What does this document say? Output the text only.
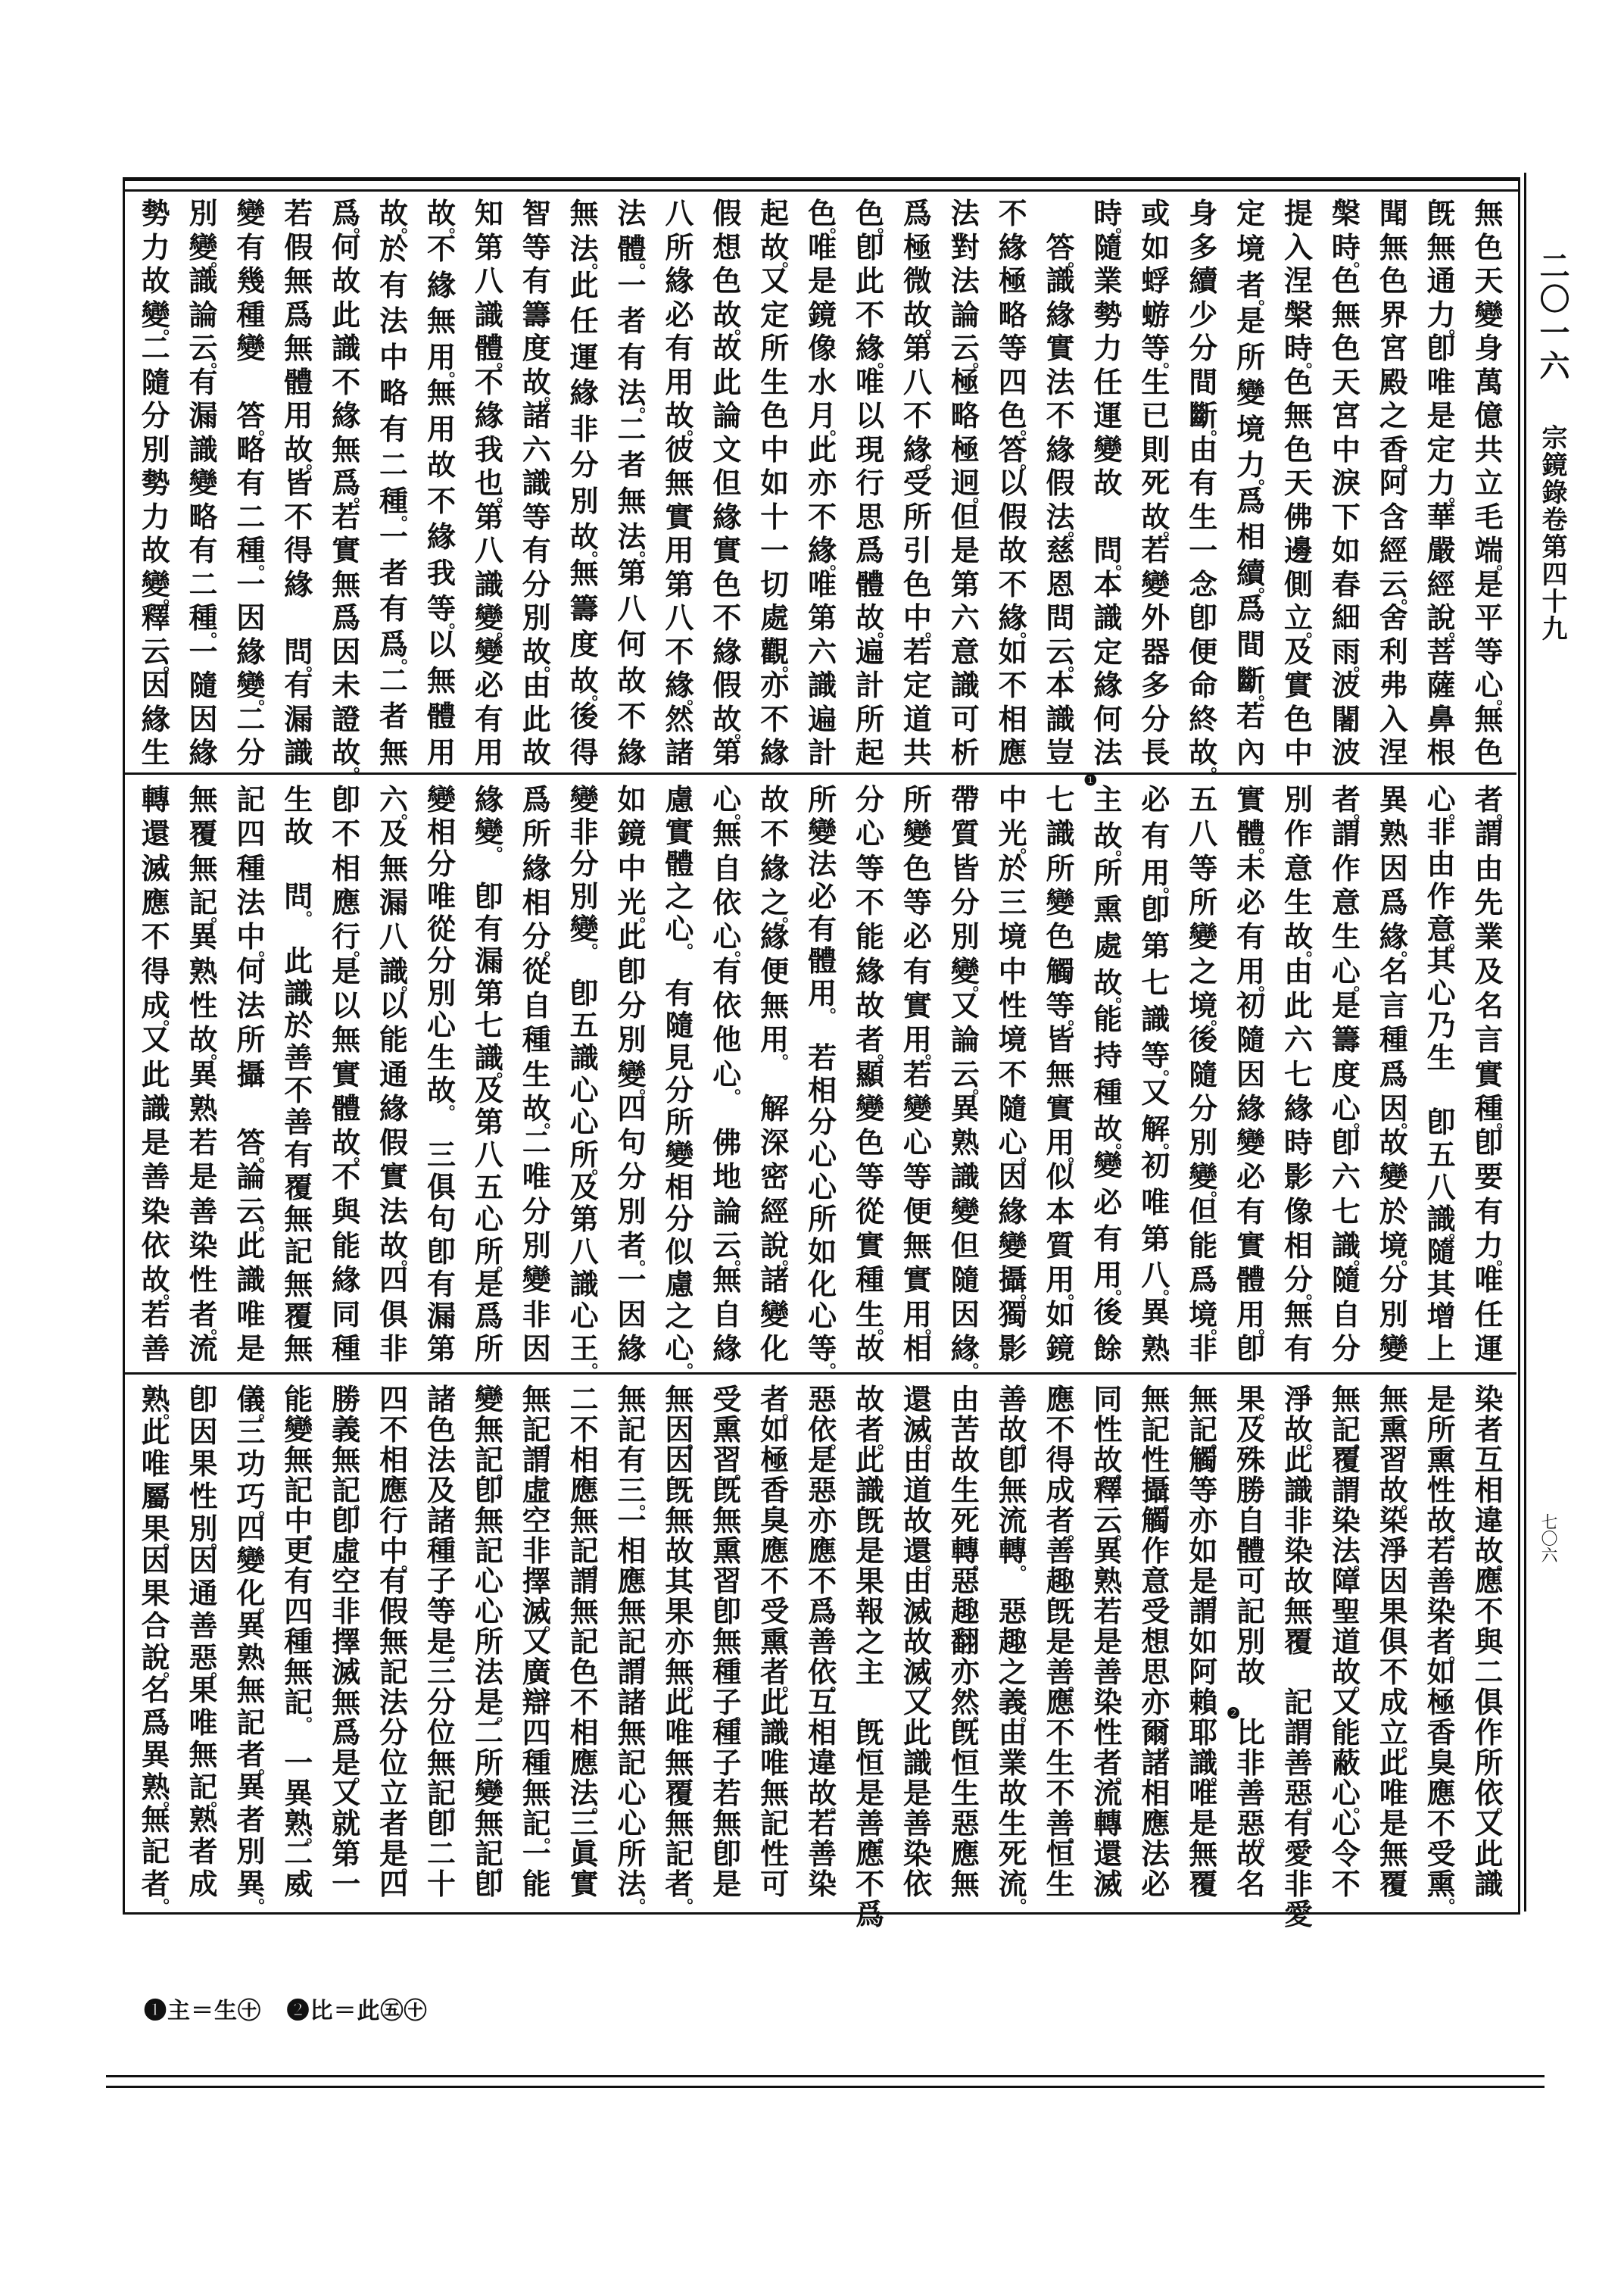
二〇一六
宗鏡錄卷第四十九
無
色
天
變
身
萬
億
共
立
毛
端
。
是
平
等
心
。
無
色
旣
無
通
力
。
卽
唯
是
定
力
。
華
嚴
經
說
。
菩
薩
鼻
根
聞
無
色
界
宮
殿
之
香
。
阿
含
經
云
。
舍
利
弗
入
涅
槃
時
。
色
無
色
天
宮
中
淚
下
如
春
細
雨
。
波
闍
波
提
入
涅
槃
時
。
色
無
色
天
佛
邊
側
立
。
及
實
色
中
定
境
者
。
是
所
變
境
力
。
爲
相
續
。
爲
間
斷
。
若
內
身
多
續
少
分
間
斷
。
由
有
生
一
念
卽
便
命
終
故
。
或
如
蜉
蝣
等
。
生
已
則
死
故
。
若
變
外
器
多
分
長
時
。
隨
業
勢
力
任
運
變
故

問
。
本
識
定
緣
何
法

答
。
識
緣
實
法
不
緣
假
法
。
慈
恩
問
云
。
本
識
豈
不
緣
極
略
等
四
色
。
答
。
以
假
故
不
緣
。
如
不
相
應
法
對
法
論
云
。
極
略
極
迥
。
但
是
第
六
意
識
可
析
爲
極
微
故
。
第
八
不
緣
。
受
所
引
色
中
。
若
定
道
共
色
。
卽
此
不
緣
。
唯
以
現
行
思
爲
體
故
。
遍
計
所
起
色
。
唯
是
鏡
像
水
月
。
此
亦
不
緣
。
唯
第
六
識
遍
計
起
故
。
又
定
所
生
色
中
如
十
一
切
處
觀
。
亦
不
緣
假
想
色
故
。
故
此
論
文
但
緣
實
色
不
緣
假
故
。
第
八
所
緣
必
有
用
故
。
彼
無
實
用
第
八
不
緣
。
然
諸
法
體
。
一
者
有
法
。
二
者
無
法
。
第
八
何
故
不
緣
無
法
。
此
任
運
緣
非
分
別
故
。
無
籌
度
故
。
後
得
智
等
有
籌
度
故
。
諸
六
識
等
有
分
別
故
。
由
此
故
知
第
八
識
體
。
不
緣
我
也
。
第
八
識
變
。
變
必
有
用
故
。
不
緣
無
用
。
無
用
故
不
緣
我
等
。
以
無
體
用
故
。
於
有
法
中
略
有
二
種
。
一
者
有
爲
。
二
者
無
爲
。
何
故
此
識
不
緣
無
爲
。
若
實
無
爲
因
未
證
故
。
若
假
無
爲
無
體
用
故
。
皆
不
得
緣

問
。
有
漏
識
變
有
幾
種
變

答
。
略
有
二
種
。
一
因
緣
變
。
二
分
別
變
。
識
論
云
。
有
漏
識
變
略
有
二
種
。
一
隨
因
緣
勢
力
故
變
。
二
隨
分
別
勢
力
故
變
。
釋
云
。
因
緣
生
者
。
謂
由
先
業
及
名
言
實
種
。
卽
要
有
力
。
唯
任
運
心
。
非
由
作
意
。
其
心
乃
生

卽
五
八
識
。
隨
其
增
上
異
熟
因
爲
緣
。
名
言
種
爲
因
。
故
變
於
境
。
分
別
變
者
。
謂
作
意
生
心
。
是
籌
度
心
。
卽
六
七
識
。
隨
自
分
別
作
意
生
故
。
由
此
六
七
緣
時
影
像
相
分
。
無
有
實
體
。
未
必
有
用
。
初
隨
因
緣
變
必
有
實
體
用
。
卽
五
八
等
所
變
之
境
。
後
隨
分
別
變
。
但
能
爲
境
。
非
必
有
用
。
卽
第
七
識
等
。
又
解
。
初
唯
第
八
。
異
熟
❶
主
故
。
所
熏
處
故
。
能
持
種
故
。
變
必
有
用
。
後
餘
七
識
所
變
色
觸
等
。
皆
無
實
用
。
似
本
質
用
。
如
鏡
中
光
。
於
三
境
中
性
境
不
隨
心
。
因
緣
變
攝
。
獨
影
帶
質
皆
分
別
變
。
又
論
云
。
異
熟
識
變
但
隨
因
緣
。
所
變
色
等
必
有
實
用
。
若
變
心
等
便
無
實
用
。
相
分
心
等
不
能
緣
故
者
。
顯
變
色
等
從
實
種
生
。
故
所
變
法
必
有
體
用
。

若
相
分
心
心
所
如
化
心
等
。
故
不
緣
之
。
緣
便
無
用
。

解
深
密
經
說
。
諸
變
化
心
。
無
自
依
心
。
有
依
他
心
。

佛
地
論
云
。
無
自
緣
慮
實
體
之
心
。

有
隨
見
分
所
變
相
分
似
慮
之
心
。
如
鏡
中
光
。
此
卽
分
別
變
。
四
句
分
別
者
。
一
因
緣
變
非
分
別
變
。

卽
五
識
心
心
所
。
及
第
八
識
心
王
。
爲
所
緣
相
分
。
從
自
種
生
故
。
二
唯
分
別
變
非
因
緣
變
。

卽
有
漏
第
七
識
。
及
第
八
五
心
所
。
是
爲
所
變
相
分
唯
從
分
別
心
生
故
。

三
俱
句
卽
有
漏
第
六
。
及
無
漏
八
識
。
以
能
通
緣
假
實
法
故
。
四
俱
非
卽
不
相
應
行
。
是
以
無
實
體
故
。
不
與
能
緣
同
種
生
故

問
。

此
識
於
善
不
善
有
覆
無
記
無
覆
無
記
四
種
法
中
。
何
法
所
攝

答
。
論
云
。
此
識
唯
是
無
覆
無
記
。
異
熟
性
故
。
異
熟
若
是
善
染
性
者
。
流
轉
還
滅
應
不
得
成
。
又
此
識
是
善
染
依
故
。
若
善
染
者
互
相
違
故
。
應
不
與
二
俱
作
所
依
。
又
此
識
是
所
熏
性
故
。
若
善
染
者
。
如
極
香
臭
應
不
受
熏
。
無
熏
習
故
。
染
淨
因
果
俱
不
成
立
。
此
唯
是
無
覆
無
記
。
覆
謂
染
法
。
障
聖
道
故
。
又
能
蔽
心
。
心
令
不
淨
故
。
此
識
非
染
故
無
覆

記
謂
善
惡
。
有
愛
非
愛
果
。
及
殊
勝
自
體
可
記
別
故

❷
比
非
善
惡
。
故
名
無
記
。
觸
等
亦
如
是
。
謂
如
阿
賴
耶
識
。
唯
是
無
覆
無
記
性
攝
。
觸
作
意
受
想
思
亦
爾
。
諸
相
應
法
必
同
性
故
。
釋
云
。
異
熟
若
是
善
染
性
者
。
流
轉
還
滅
應
不
得
成
者
。
善
趣
旣
是
善
。
應
不
生
不
善
。
恒
生
善
故
。
卽
無
流
轉
。

惡
趣
之
義
。
由
業
故
生
死
流
。
由
苦
故
生
死
轉
。
惡
趣
翻
亦
然
。
旣
恒
生
惡
應
無
還
滅
。
由
道
故
還
。
由
滅
故
滅
。
又
此
識
是
善
染
依
故
者
。
此
識
旣
是
果
報
之
主

旣
恒
是
善
。
應
不
爲
惡
依
。
是
惡
亦
應
不
爲
善
依
。
互
相
違
故
。
若
善
染
者
。
如
極
香
臭
應
不
受
熏
者
。
此
識
唯
無
記
性
可
受
熏
習
。
旣
無
熏
習
卽
無
種
子
。
種
子
若
無
卽
是
無
因
。
因
旣
無
故
其
果
亦
無
。
此
唯
無
覆
無
記
者
。
無
記
有
三
。
一
相
應
無
記
。
謂
諸
無
記
心
心
所
法
。
二
不
相
應
無
記
。
謂
無
記
色
不
相
應
法
。
三
眞
實
無
記
。
謂
虛
空
非
擇
滅
。
又
廣
辯
四
種
無
記
。
一
能
變
無
記
。
卽
無
記
心
心
所
法
是
。
二
所
變
無
記
。
卽
諸
色
法
及
諸
種
子
等
是
。
三
分
位
無
記
。
卽
二
十
四
不
相
應
行
中
。
有
假
無
記
法
分
位
立
者
是
。
四
勝
義
無
記
。
卽
虛
空
非
擇
滅
無
爲
是
。
又
就
第
一
能
變
無
記
中
。
更
有
四
種
無
記
。

一
異
熟
。
二
威
儀
。
三
功
巧
。
四
變
化
。
異
熟
無
記
者
。
異
者
別
異
。
卽
因
果
性
別
。
因
通
善
惡
。
果
唯
無
記
。
熟
者
成
熟
。
此
唯
屬
果
。
因
果
合
說
。
名
爲
異
熟
。
無
記
者
。
七〇六
❶主＝生㊉ ❷比＝此㊄㊉
